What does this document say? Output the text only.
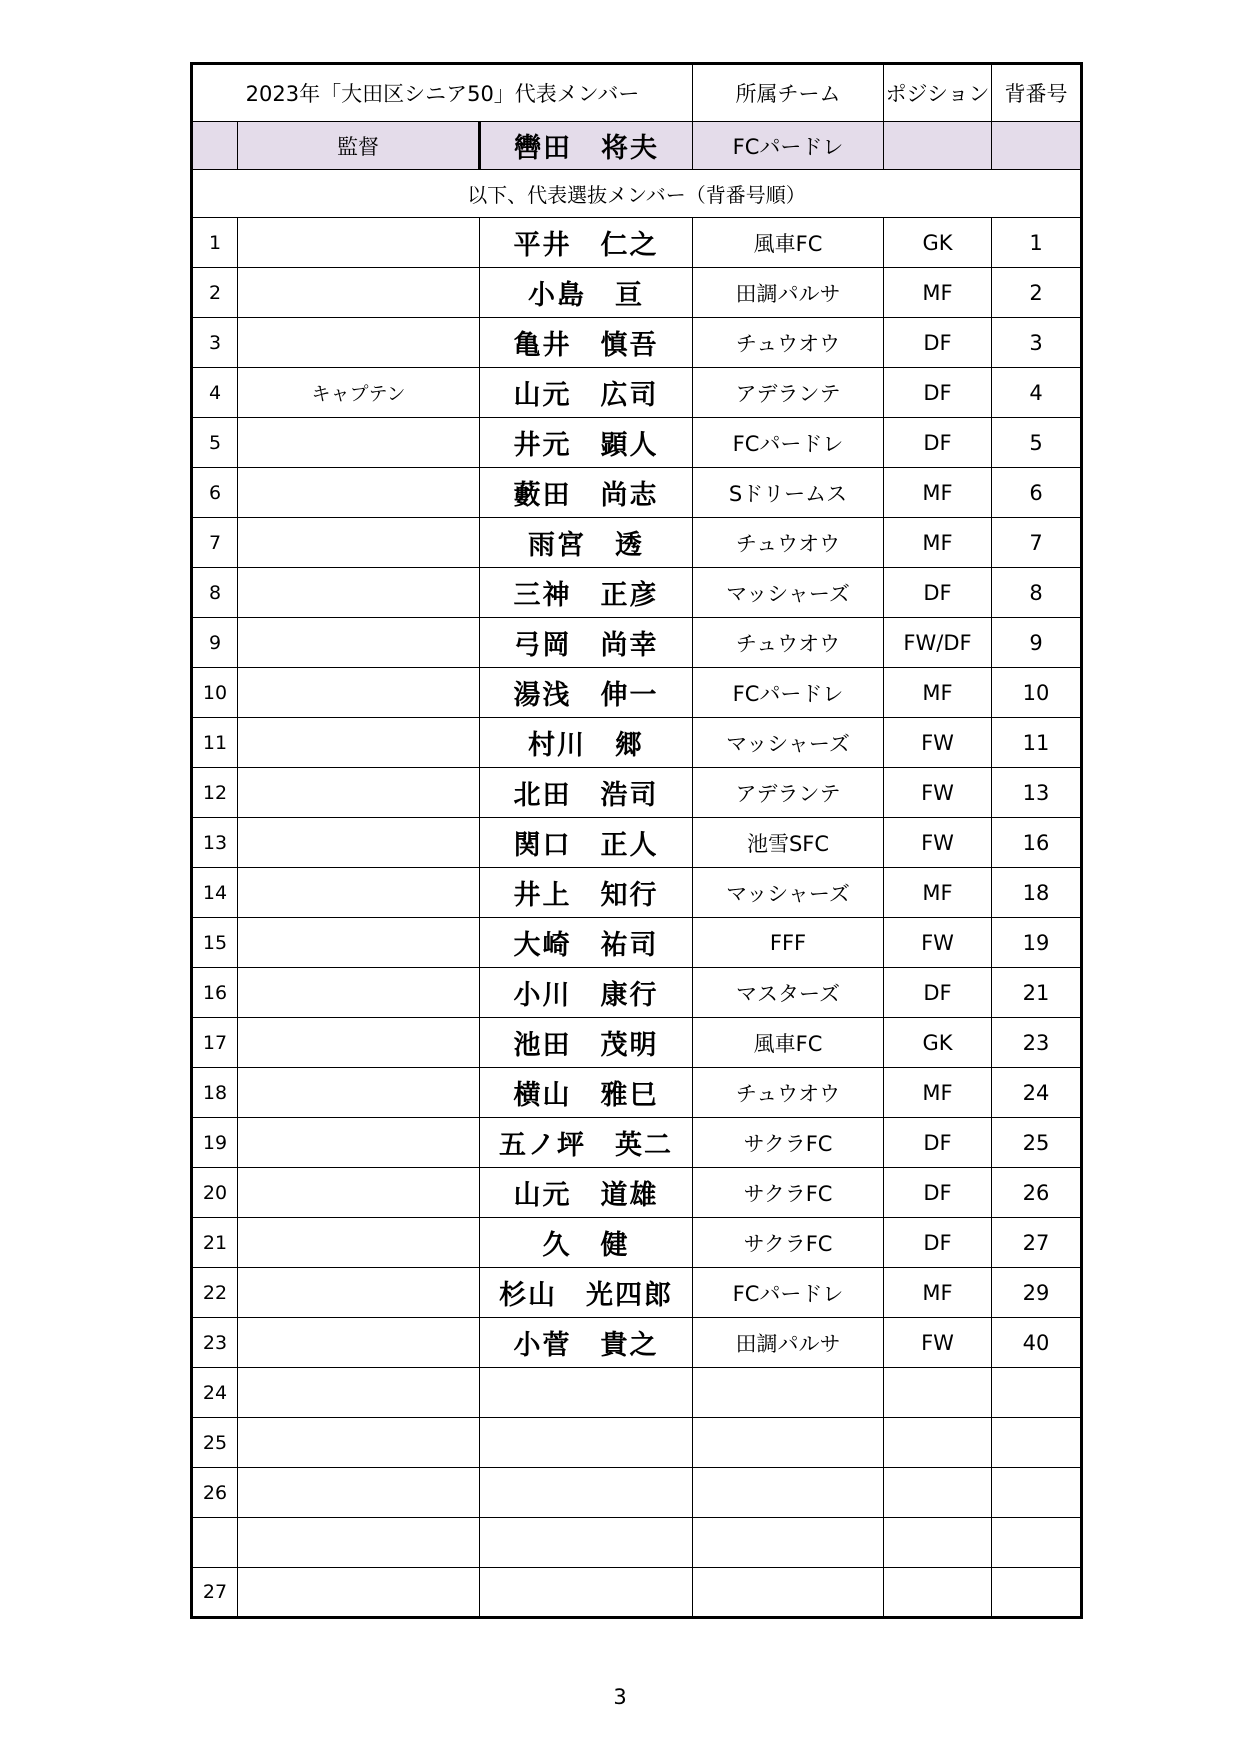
2023年「大田区シニア50」代表メンバー			所属チーム	ポジション	背番号
	監督	轡田　将夫	FCパードレ		
以下、代表選抜メンバー（背番号順）					
1		平井　仁之	風車FC	GK	1
2		小島　亘	田調パルサ	MF	2
3		亀井　慎吾	チュウオウ	DF	3
4	キャプテン	山元　広司	アデランテ	DF	4
5		井元　顕人	FCパードレ	DF	5
6		藪田　尚志	Sドリームス	MF	6
7		雨宮　透	チュウオウ	MF	7
8		三神　正彦	マッシャーズ	DF	8
9		弓岡　尚幸	チュウオウ	FW/DF	9
10		湯浅　伸一	FCパードレ	MF	10
11		村川　郷	マッシャーズ	FW	11
12		北田　浩司	アデランテ	FW	13
13		関口　正人	池雪SFC	FW	16
14		井上　知行	マッシャーズ	MF	18
15		大崎　祐司	FFF	FW	19
16		小川　康行	マスターズ	DF	21
17		池田　茂明	風車FC	GK	23
18		横山　雅巳	チュウオウ	MF	24
19		五ノ坪　英二	サクラFC	DF	25
20		山元　道雄	サクラFC	DF	26
21		久　健	サクラFC	DF	27
22		杉山　光四郎	FCパードレ	MF	29
23		小菅　貴之	田調パルサ	FW	40
24					
25					
26					

27					
3
